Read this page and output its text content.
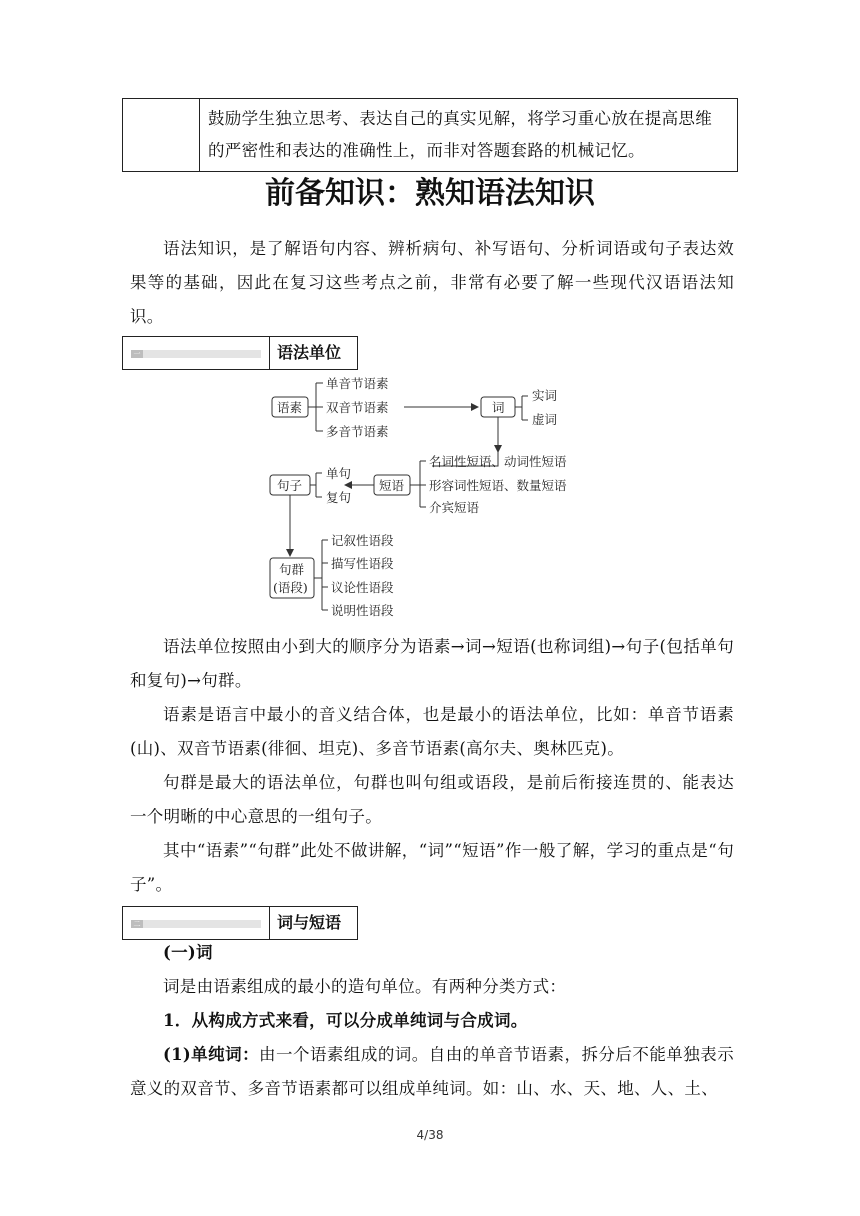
鼓励学生独立思考、表达自己的真实见解，将学习重心放在提高思维
的严密性和表达的准确性上，而非对答题套路的机械记忆。
前备知识：熟知语法知识

语法知识，是了解语句内容、辨析病句、补写语句、分析词语或句子表达效果等的基础，因此在复习这些考点之前，非常有必要了解一些现代汉语语法知识。

一	语法单位
语素
单音节语素
双音节语素
多音节语素
词
实词
虚词
短语
名词性短语、动词性短语
形容词性短语、数量短语
介宾短语
句子
单句
复句
句群
(语段)
记叙性语段
描写性语段
议论性语段
说明性语段

语法单位按照由小到大的顺序分为语素→词→短语(也称词组)→句子(包括单句和复句)→句群。

语素是语言中最小的音义结合体，也是最小的语法单位，比如：单音节语素(山)、双音节语素(徘徊、坦克)、多音节语素(高尔夫、奥林匹克)。

句群是最大的语法单位，句群也叫句组或语段，是前后衔接连贯的、能表达一个明晰的中心意思的一组句子。

其中“语素”“句群”此处不做讲解，“词”“短语”作一般了解，学习的重点是“句子”。

二	词与短语

(一)词

词是由语素组成的最小的造句单位。有两种分类方式：

1．从构成方式来看，可以分成单纯词与合成词。

(1)单纯词：由一个语素组成的词。自由的单音节语素，拆分后不能单独表示意义的双音节、多音节语素都可以组成单纯词。如：山、水、天、地、人、土、

4/38
